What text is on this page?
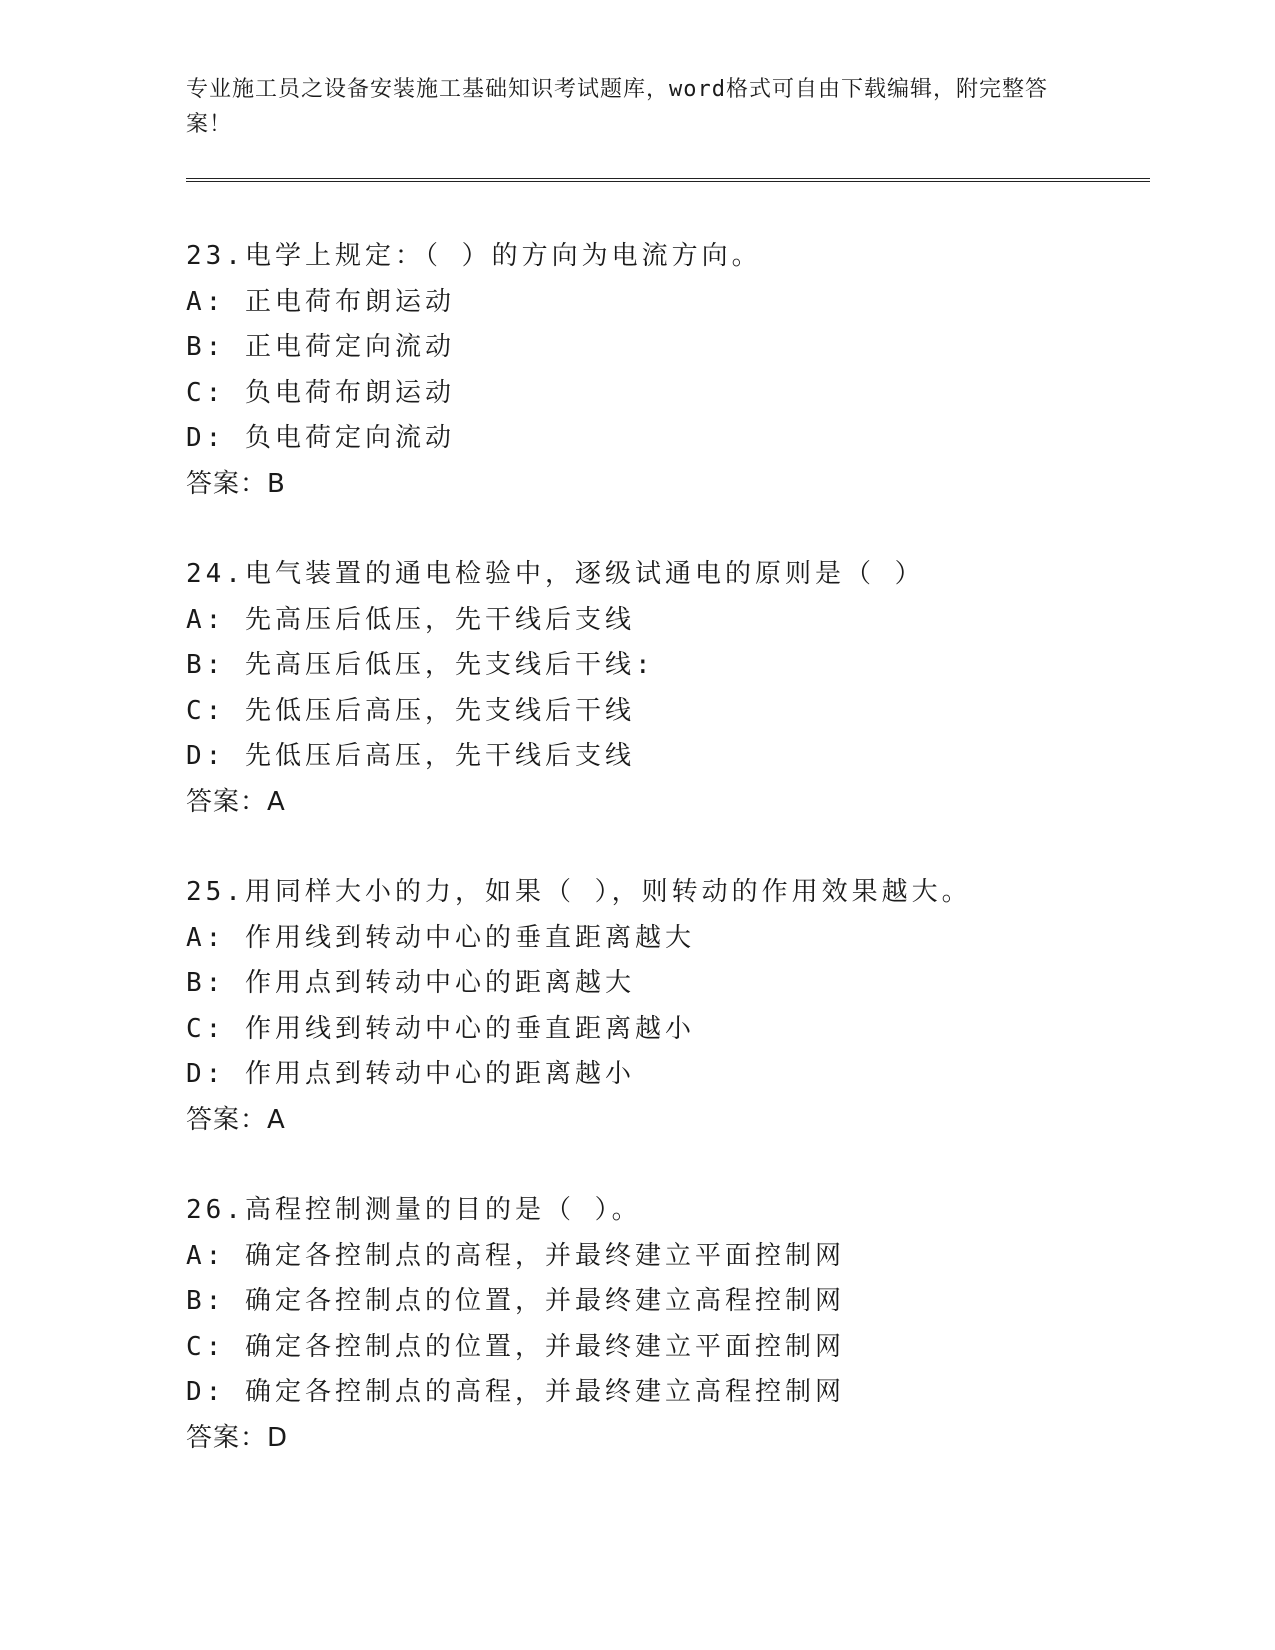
专业施工员之设备安装施工基础知识考试题库，word格式可自由下载编辑，附完整答案！
23.电学上规定：（ ）的方向为电流方向。
A: 正电荷布朗运动
B: 正电荷定向流动
C: 负电荷布朗运动
D: 负电荷定向流动
答案：B
24.电气装置的通电检验中，逐级试通电的原则是（ ）
A: 先高压后低压，先干线后支线
B: 先高压后低压，先支线后干线:
C: 先低压后高压，先支线后干线
D: 先低压后高压，先干线后支线
答案：A
25.用同样大小的力，如果（ ），则转动的作用效果越大。
A: 作用线到转动中心的垂直距离越大
B: 作用点到转动中心的距离越大
C: 作用线到转动中心的垂直距离越小
D: 作用点到转动中心的距离越小
答案：A
26.高程控制测量的目的是（ ）。
A: 确定各控制点的高程，并最终建立平面控制网
B: 确定各控制点的位置，并最终建立高程控制网
C: 确定各控制点的位置，并最终建立平面控制网
D: 确定各控制点的高程，并最终建立高程控制网
答案：D
